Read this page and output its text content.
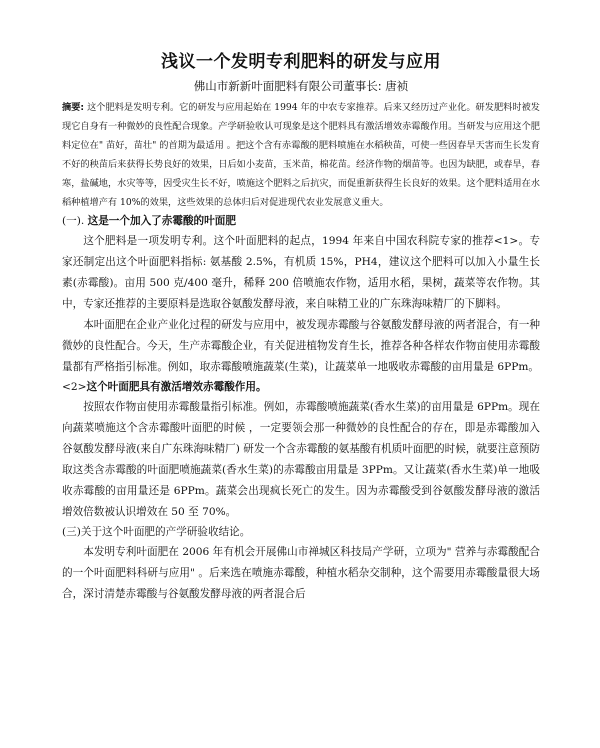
浅议一个发明专利肥料的研发与应用
佛山市新新叶面肥料有限公司董事长: 唐祯

摘要: 这个肥料是发明专利。它的研发与应用起始在 1994 年的中农专家推荐。后来又经历过产业化。研发肥料时被发现它自身有一种微妙的良性配合现象。产学研验收认可现象是这个肥料具有激活增效赤霉酸作用。当研发与应用这个肥料定位在" 苗好，苗壮" 的首期为最适用 。把这个含有赤霉酸的肥料喷施在水稻秧苗，可使一些因春旱天害而生长发育不好的秧苗后来获得长势良好的效果，日后如小麦苗，玉米苗，棉花苗。经济作物的烟苗等。也因为缺肥，或春旱，春寒，盐碱地，水灾等等，因受灾生长不好，喷施这个肥料之后抗灾，而促重新获得生长良好的效果。这个肥料适用在水稻种植增产有 10%的效果，这些效果的总体归后对促进现代农业发展意义重大。

(一). 这是一个加入了赤霉酸的叶面肥

这个肥料是一项发明专利。这个叶面肥料的起点，1994 年来自中国农科院专家的推荐<1>。专家还制定出这个叶面肥料指标: 氨基酸 2.5%，有机质 15%，PH4，建议这个肥料可以加入小量生长素(赤霉酸)。亩用 500 克/400 毫升，稀释 200 倍喷施农作物，适用水稻，果树，蔬菜等农作物。其中，专家还推荐的主要原料是选取谷氨酸发酵母液，来自味精工业的广东珠海味精厂的下脚料。

本叶面肥在企业产业化过程的研发与应用中，被发现赤霉酸与谷氨酸发酵母液的两者混合，有一种微妙的良性配合。今天，生产赤霉酸企业，有关促进植物发育生长，推荐各种各样农作物亩使用赤霉酸量都有严格指引标准。例如，取赤霉酸喷施蔬菜(生菜)，让蔬菜单一地吸收赤霉酸的亩用量是 6PPm。

<2>这个叶面肥具有激活增效赤霉酸作用。

按照农作物亩使用赤霉酸量指引标准。例如，赤霉酸喷施蔬菜(香水生菜)的亩用量是 6PPm。现在向蔬菜喷施这个含赤霉酸叶面肥的时候 ，一定要领会那一种微妙的良性配合的存在，即是赤霉酸加入谷氨酸发酵母液(来自广东珠海味精厂) 研发一个含赤霉酸的氨基酸有机质叶面肥的时候，就要注意预防取这类含赤霉酸的叶面肥喷施蔬菜(香水生菜)的赤霉酸亩用量是 3PPm。又让蔬菜(香水生菜)单一地吸收赤霉酸的亩用量还是 6PPm。蔬菜会出现疯长死亡的发生。因为赤霉酸受到谷氨酸发酵母液的激活增效倍数被认识增效在 50 至 70%。

(三)关于这个叶面肥的产学研验收结论。

本发明专利叶面肥在 2006 年有机会开展佛山市禅城区科技局产学研，立项为" 营养与赤霉酸配合的一个叶面肥料科研与应用" 。后来选在喷施赤霉酸，种植水稻杂交制种，这个需要用赤霉酸量很大场合，深讨清楚赤霉酸与谷氨酸发酵母液的两者混合后
